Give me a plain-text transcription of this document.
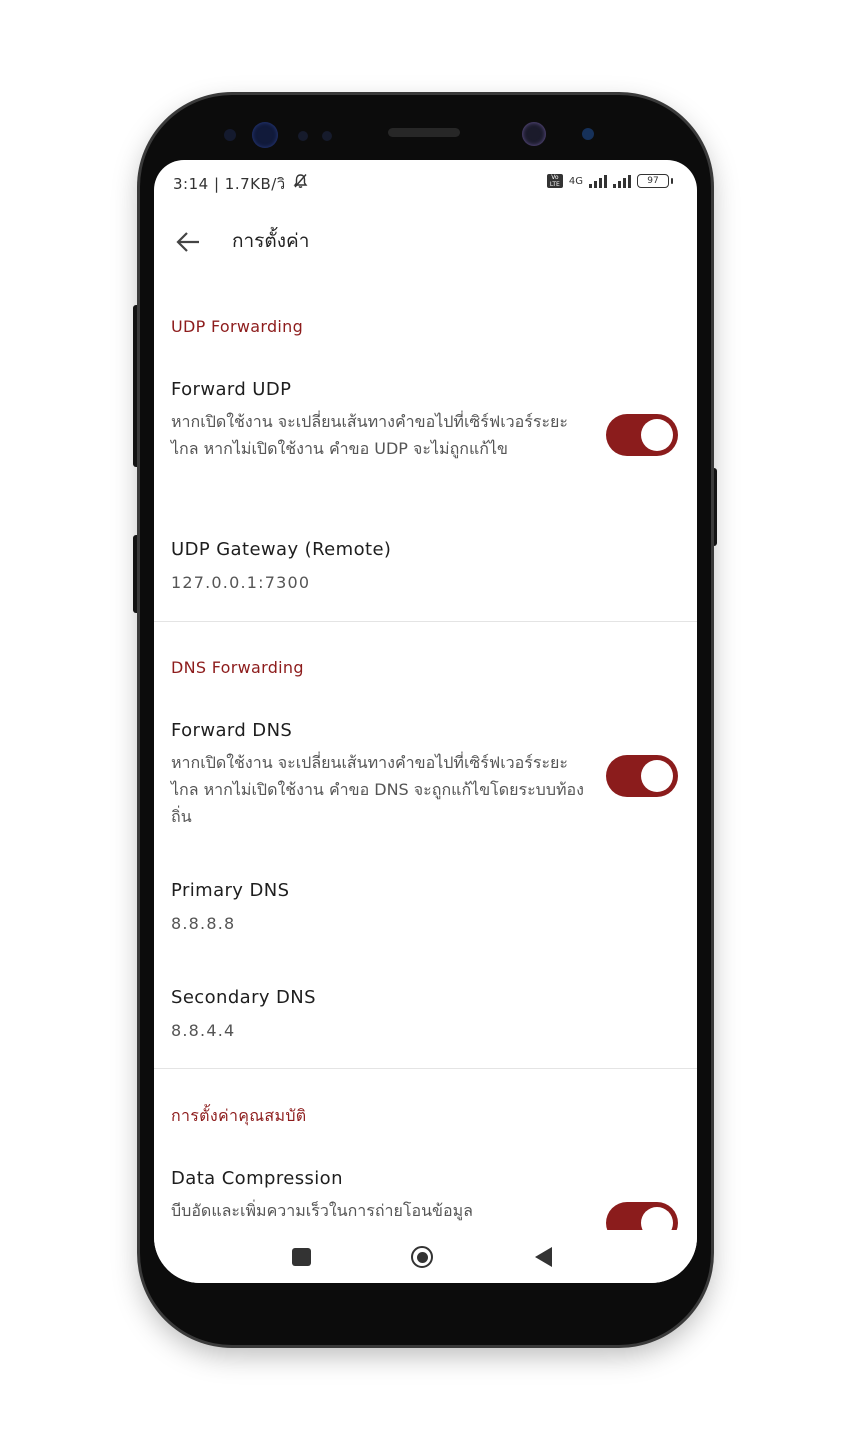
3:14 | 1.7KB/วิ	Vo LTE 4G	97
การตั้งค่า
UDP Forwarding
Forward UDP
หากเปิดใช้งาน จะเปลี่ยนเส้นทางคำขอไปที่เซิร์ฟเวอร์ระยะไกล หากไม่เปิดใช้งาน คำขอ UDP จะไม่ถูกแก้ไข
UDP Gateway (Remote)
127.0.0.1:7300
DNS Forwarding
Forward DNS
หากเปิดใช้งาน จะเปลี่ยนเส้นทางคำขอไปที่เซิร์ฟเวอร์ระยะไกล หากไม่เปิดใช้งาน คำขอ DNS จะถูกแก้ไขโดยระบบท้องถิ่น
Primary DNS
8.8.8.8
Secondary DNS
8.8.4.4
การตั้งค่าคุณสมบัติ
Data Compression
บีบอัดและเพิ่มความเร็วในการถ่ายโอนข้อมูล
